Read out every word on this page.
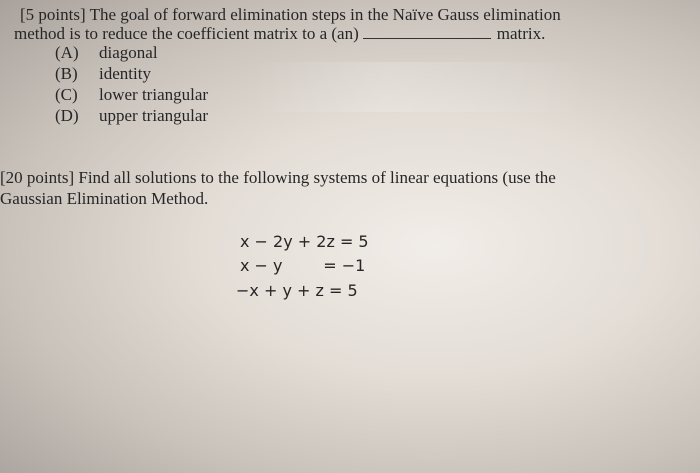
[5 points] The goal of forward elimination steps in the Naïve Gauss elimination
method is to reduce the coefficient matrix to a (an)	matrix.
(A) diagonal
(B) identity
(C) lower triangular
(D) upper triangular
[20 points] Find all solutions to the following systems of linear equations (use the
Gaussian Elimination Method.
x − 2y + 2z = 5
x − y        = −1
−x + y + z = 5
